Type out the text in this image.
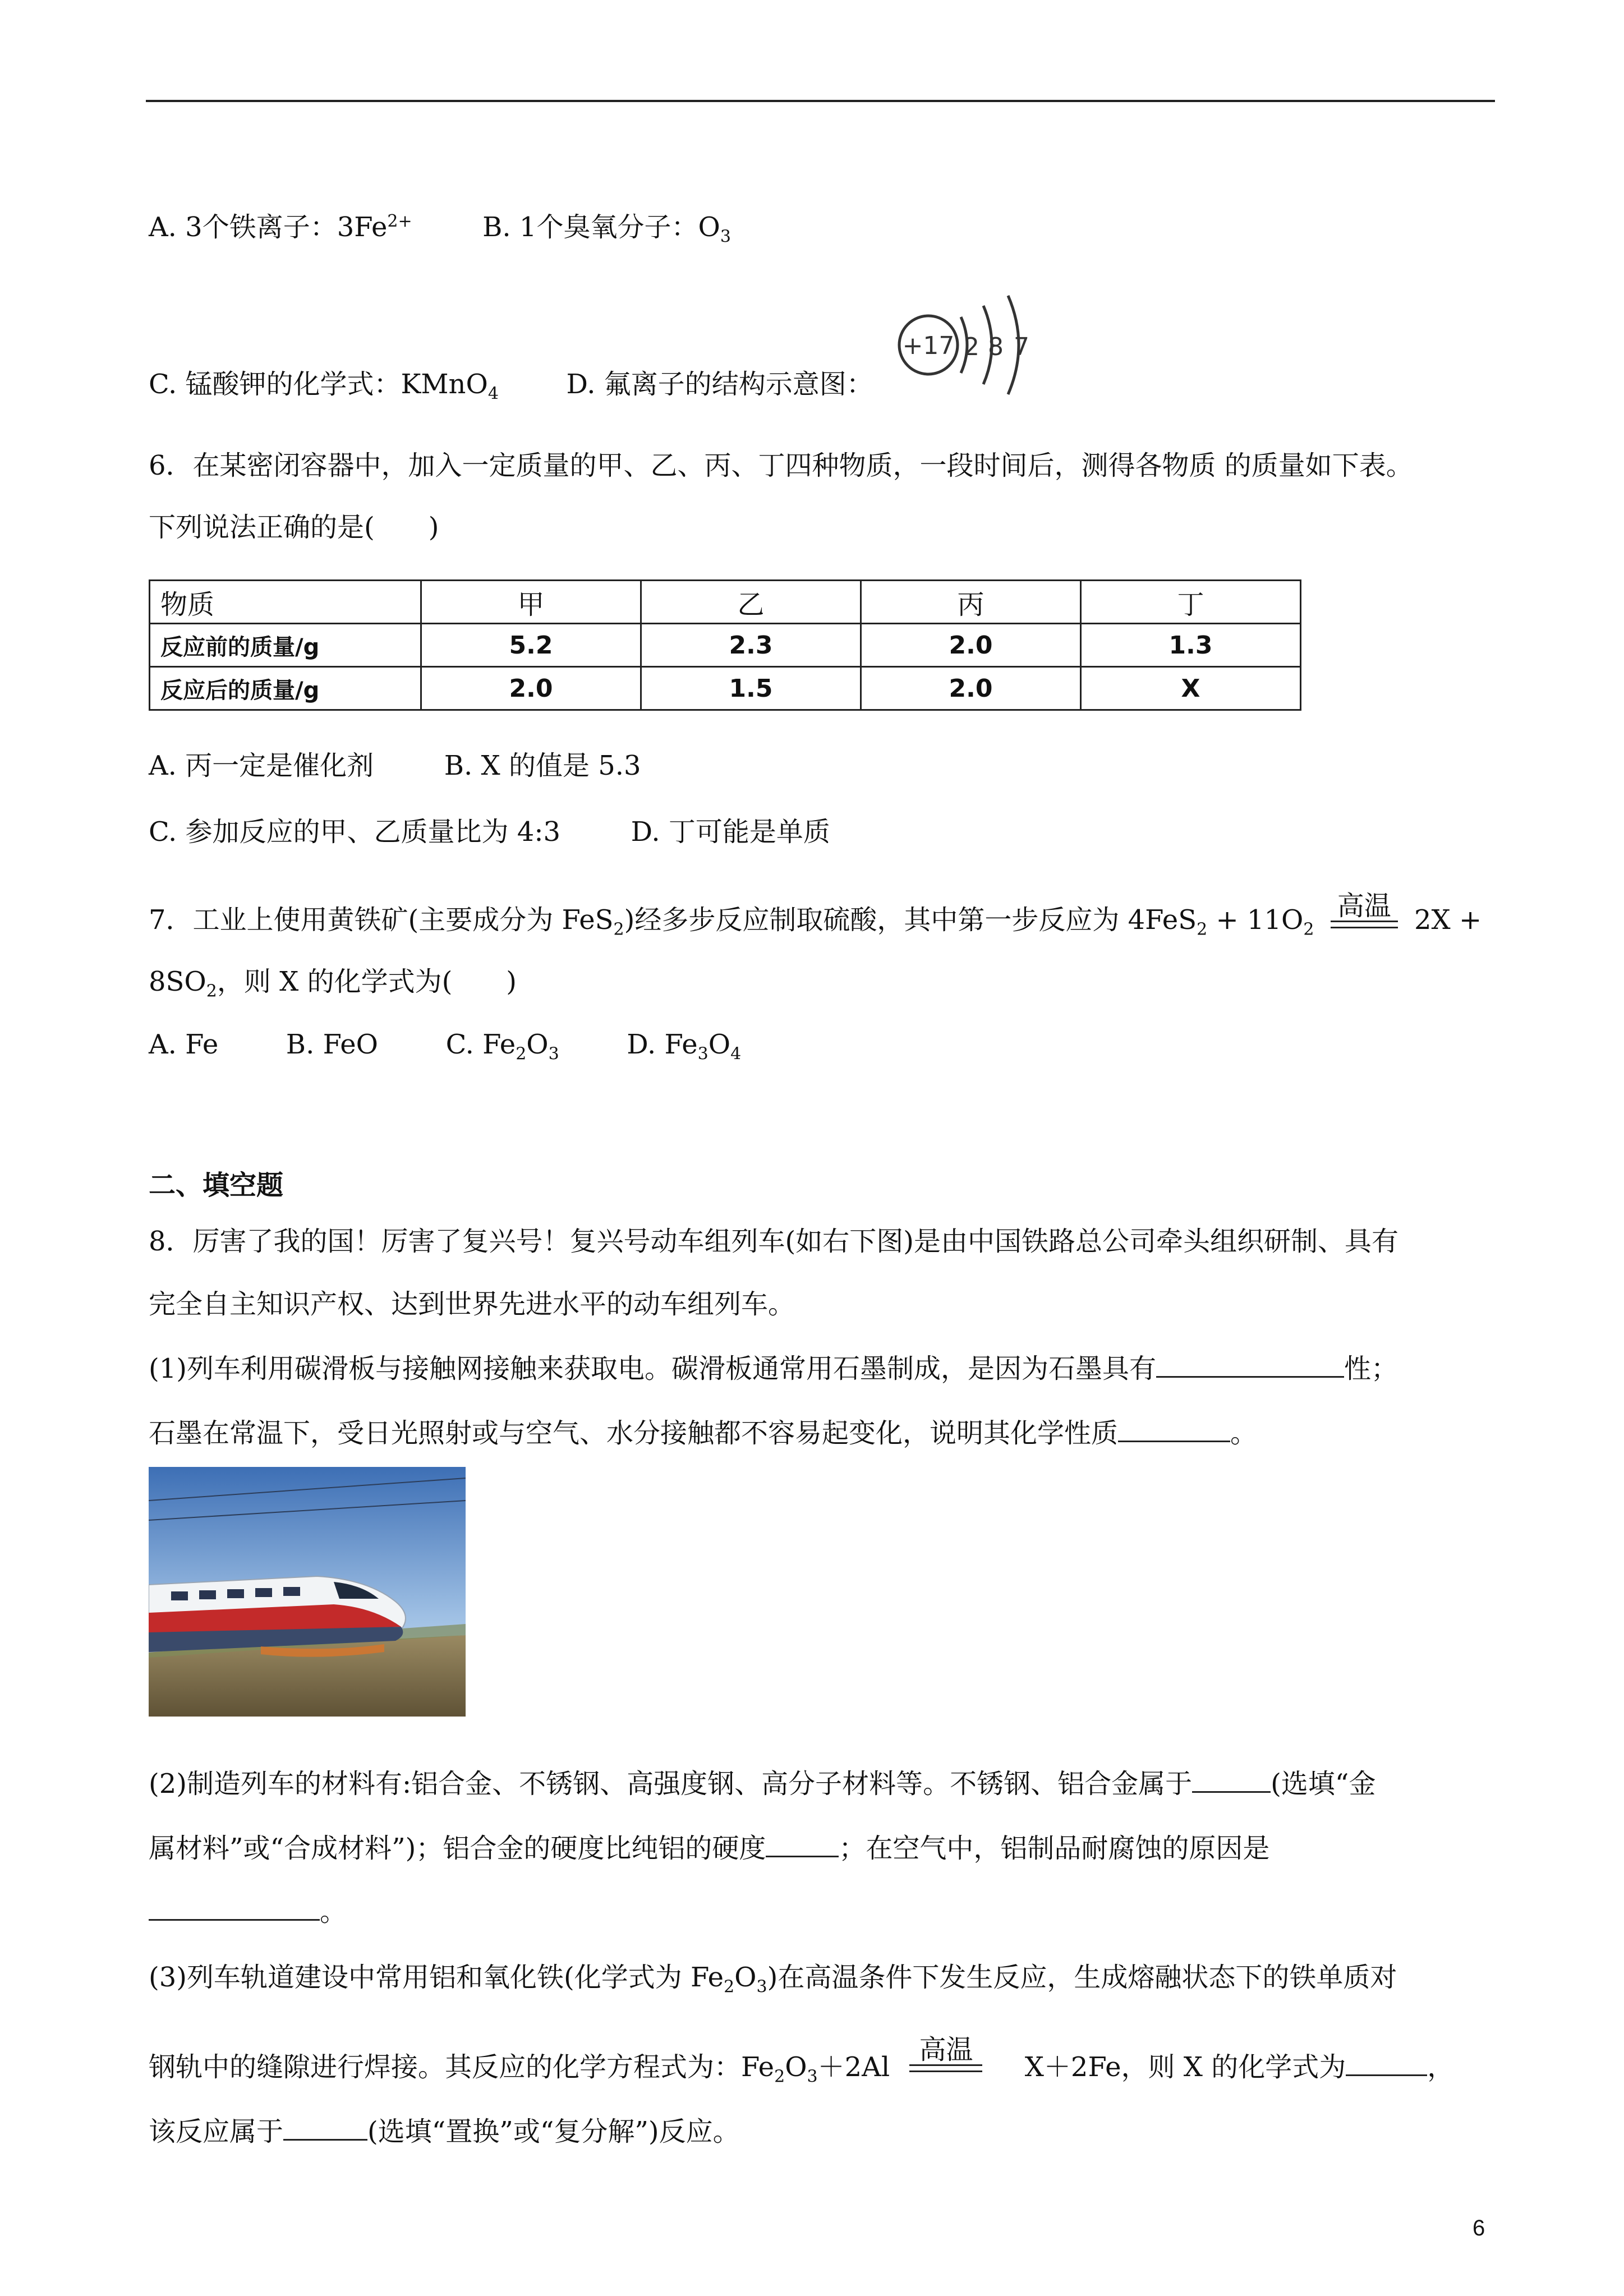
A. 3个铁离子：$3Fe^{2+}$	B. 1个臭氧分子：$O_3$
C. 锰酸钾的化学式：KMnO$_4$	D. 氟离子的结构示意图：
+17 2 8 7
6．在某密闭容器中，加入一定质量的甲、乙、丙、丁四种物质，一段时间后，测得各物质 的质量如下表。
下列说法正确的是(　　)
物质	甲	乙	丙	丁
反应前的质量/g	5.2	2.3	2.0	1.3
反应后的质量/g	2.0	1.5	2.0	X
A. 丙一定是催化剂	B. X 的值是 5.3
C. 参加反应的甲、乙质量比为 4:3	D. 丁可能是单质
7．工业上使用黄铁矿(主要成分为 FeS$_2$)经多步反应制取硫酸，其中第一步反应为 $4FeS_2 + 11O_2$
高温 2X +
$8SO_2$，则 X 的化学式为(　　)
A. Fe	B. FeO	C. $Fe_2O_3$	D. $Fe_3O_4$
二、填空题
8．厉害了我的国！厉害了复兴号！复兴号动车组列车(如右下图)是由中国铁路总公司牵头组织研制、具有
完全自主知识产权、达到世界先进水平的动车组列车。
(1)列车利用碳滑板与接触网接触来获取电。碳滑板通常用石墨制成，是因为石墨具有	性；
石墨在常温下，受日光照射或与空气、水分接触都不容易起变化，说明其化学性质	。
(2)制造列车的材料有:铝合金、不锈钢、高强度钢、高分子材料等。不锈钢、铝合金属于	(选填“金
属材料”或“合成材料”)；铝合金的硬度比纯铝的硬度	；在空气中，铝制品耐腐蚀的原因是
。
(3)列车轨道建设中常用铝和氧化铁(化学式为 $Fe_2O_3$)在高温条件下发生反应，生成熔融状态下的铁单质对
钢轨中的缝隙进行焊接。其反应的化学方程式为：$Fe_2O_3+2Al$
高温
X＋2Fe，则 X 的化学式为	，
该反应属于	(选填“置换”或“复分解”)反应。
6
